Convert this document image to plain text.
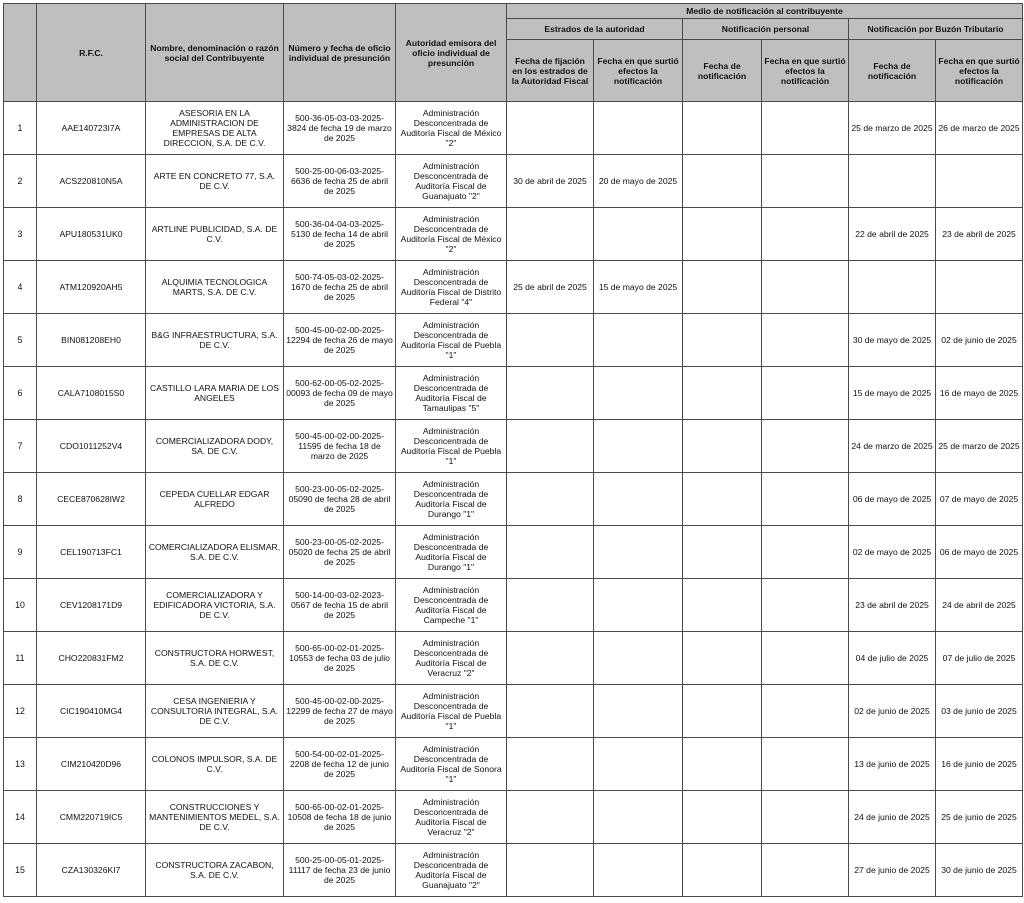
	R.F.C.	Nombre, denominación o razón social del Contribuyente	Número y fecha de oficio individual de presunción	Autoridad emisora del oficio individual de presunción	Medio de notificación al contribuyente					
					Estrados de la autoridad		Notificación personal		Notificación por Buzón Tributario	
					Fecha de fijación en los estrados de la Autoridad Fiscal	Fecha en que surtió efectos la notificación	Fecha de notificación	Fecha en que surtió efectos la notificación	Fecha de notificación	Fecha en que surtió efectos la notificación
1	AAE140723I7A	ASESORIA EN LA ADMINISTRACION DE EMPRESAS DE ALTA DIRECCION, S.A. DE C.V.	500-36-05-03-03-2025-3824 de fecha 19 de marzo de 2025	Administración Desconcentrada de Auditoría Fiscal de México "2"					25 de marzo de 2025	26 de marzo de 2025
2	ACS220810N5A	ARTE EN CONCRETO 77, S.A. DE C.V.	500-25-00-06-03-2025-6636 de fecha 25 de abril de 2025	Administración Desconcentrada de Auditoría Fiscal de Guanajuato "2"	30 de abril de 2025	20 de mayo de 2025				
3	APU180531UK0	ARTLINE PUBLICIDAD, S.A. DE C.V.	500-36-04-04-03-2025-5130 de fecha 14 de abril de 2025	Administración Desconcentrada de Auditoría Fiscal de México "2"					22 de abril de 2025	23 de abril de 2025
4	ATM120920AH5	ALQUIMIA TECNOLOGICA MARTS, S.A. DE C.V.	500-74-05-03-02-2025-1670 de fecha 25 de abril de 2025	Administración Desconcentrada de Auditoría Fiscal de Distrito Federal "4"	25 de abril de 2025	15 de mayo de 2025				
5	BIN081208EH0	B&G INFRAESTRUCTURA, S.A. DE C.V.	500-45-00-02-00-2025-12294 de fecha 26 de mayo de 2025	Administración Desconcentrada de Auditoría Fiscal de Puebla "1"					30 de mayo de 2025	02 de junio de 2025
6	CALA7108015S0	CASTILLO LARA MARIA DE LOS ANGELES	500-62-00-05-02-2025-00093 de fecha 09 de mayo de 2025	Administración Desconcentrada de Auditoría Fiscal de Tamaulipas "5"					15 de mayo de 2025	16 de mayo de 2025
7	CDO1011252V4	COMERCIALIZADORA DODY, SA. DE C.V.	500-45-00-02-00-2025-11595 de fecha 18 de marzo de 2025	Administración Desconcentrada de Auditoría Fiscal de Puebla "1"					24 de marzo de 2025	25 de marzo de 2025
8	CECE870628IW2	CEPEDA CUELLAR EDGAR ALFREDO	500-23-00-05-02-2025-05090 de fecha 28 de abril de 2025	Administración Desconcentrada de Auditoría Fiscal de Durango "1"					06 de mayo de 2025	07 de mayo de 2025
9	CEL190713FC1	COMERCIALIZADORA ELISMAR, S.A. DE C.V.	500-23-00-05-02-2025-05020 de fecha 25 de abril de 2025	Administración Desconcentrada de Auditoría Fiscal de Durango "1"					02 de mayo de 2025	06 de mayo de 2025
10	CEV1208171D9	COMERCIALIZADORA Y EDIFICADORA VICTORIA, S.A. DE C.V.	500-14-00-03-02-2023-0567 de fecha 15 de abril de 2025	Administración Desconcentrada de Auditoría Fiscal de Campeche "1"					23 de abril de 2025	24 de abril de 2025
11	CHO220831FM2	CONSTRUCTORA HORWEST, S.A. DE C.V.	500-65-00-02-01-2025-10553 de fecha 03 de julio de 2025	Administración Desconcentrada de Auditoría Fiscal de Veracruz "2"					04 de julio de 2025	07 de julio de 2025
12	CIC190410MG4	CESA INGENIERIA Y CONSULTORIA INTEGRAL, S.A. DE C.V.	500-45-00-02-00-2025-12299 de fecha 27 de mayo de 2025	Administración Desconcentrada de Auditoría Fiscal de Puebla "1"					02 de junio de 2025	03 de junio de 2025
13	CIM210420D96	COLONOS IMPULSOR, S.A. DE C.V.	500-54-00-02-01-2025-2208 de fecha 12 de junio de 2025	Administración Desconcentrada de Auditoría Fiscal de Sonora "1"					13 de junio de 2025	16 de junio de 2025
14	CMM220719IC5	CONSTRUCCIONES Y MANTENIMIENTOS MEDEL, S.A. DE C.V.	500-65-00-02-01-2025-10508 de fecha 18 de junio de 2025	Administración Desconcentrada de Auditoría Fiscal de Veracruz "2"					24 de junio de 2025	25 de junio de 2025
15	CZA130326KI7	CONSTRUCTORA ZACABON, S.A. DE C.V.	500-25-00-05-01-2025-11117 de fecha 23 de junio de 2025	Administración Desconcentrada de Auditoría Fiscal de Guanajuato "2"					27 de junio de 2025	30 de junio de 2025
